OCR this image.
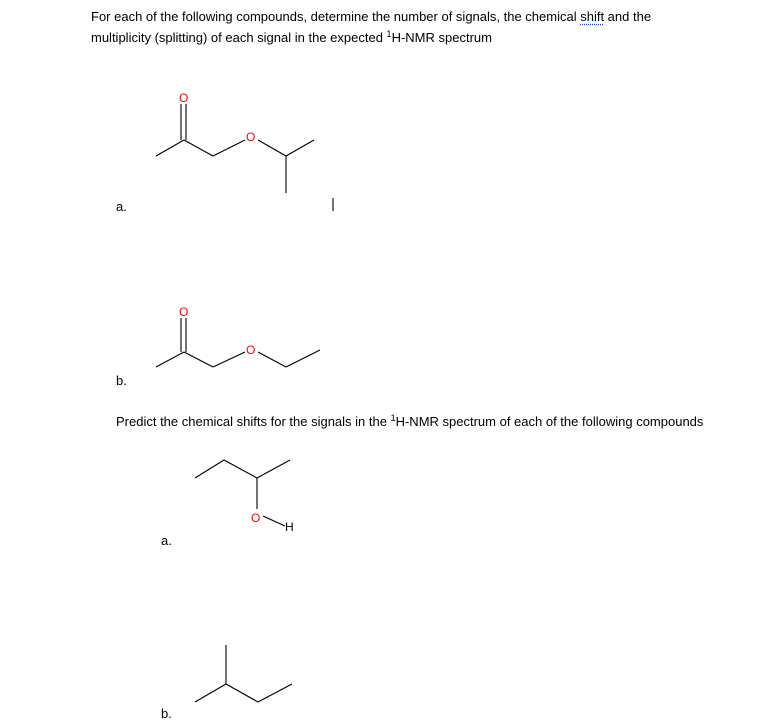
For each of the following compounds, determine the number of signals, the chemical shift and the
multiplicity (splitting) of each signal in the expected $^1$H-NMR spectrum
O
O
a.
O
O
b.
Predict the chemical shifts for the signals in the $^1$H-NMR spectrum of each of the following compounds
O
H
a.
b.
